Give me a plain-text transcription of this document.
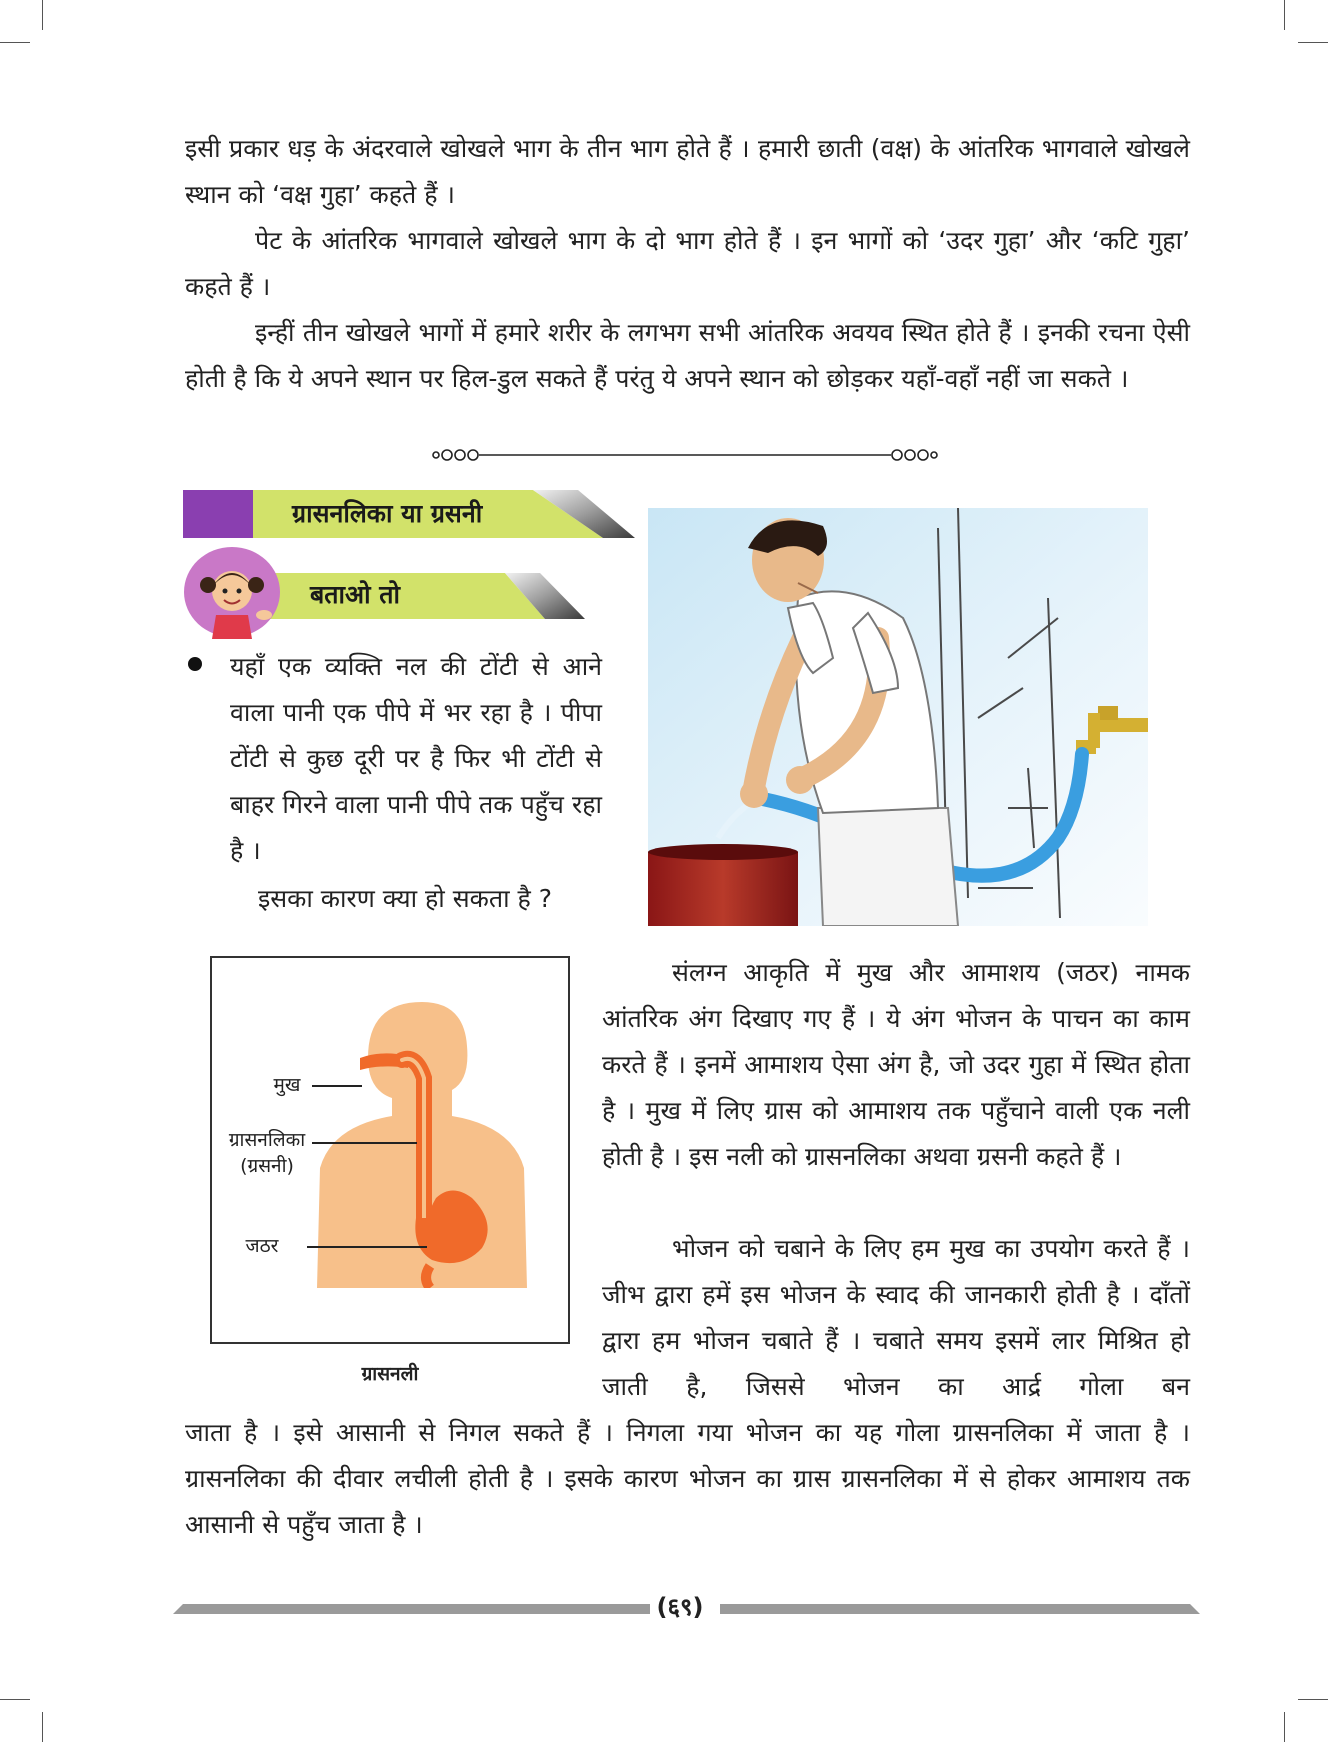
इसी प्रकार धड़ के अंदरवाले खोखले भाग के तीन भाग होते हैं । हमारी छाती (वक्ष) के आंतरिक भागवाले खोखले स्थान को ‘वक्ष गुहा’ कहते हैं ।

पेट के आंतरिक भागवाले खोखले भाग के दो भाग होते हैं । इन भागों को ‘उदर गुहा’ और ‘कटि गुहा’ कहते हैं ।

इन्हीं तीन खोखले भागों में हमारे शरीर के लगभग सभी आंतरिक अवयव स्थित होते हैं । इनकी रचना ऐसी होती है कि ये अपने स्थान पर हिल-डुल सकते हैं परंतु ये अपने स्थान को छोड़कर यहाँ-वहाँ नहीं जा सकते ।

ग्रासनलिका या ग्रसनी
बताओ तो

यहाँ एक व्यक्ति नल की टोंटी से आने वाला पानी एक पीपे में भर रहा है । पीपा टोंटी से कुछ दूरी पर है फिर भी टोंटी से बाहर गिरने वाला पानी पीपे तक पहुँच रहा है ।

इसका कारण क्या हो सकता है ?

मुख
ग्रासनलिका
(ग्रसनी)
जठर
ग्रासनली

संलग्न आकृति में मुख और आमाशय (जठर) नामक आंतरिक अंग दिखाए गए हैं । ये अंग भोजन के पाचन का काम करते हैं । इनमें आमाशय ऐसा अंग है, जो उदर गुहा में स्थित होता है । मुख में लिए ग्रास को आमाशय तक पहुँचाने वाली एक नली होती है । इस नली को ग्रासनलिका अथवा ग्रसनी कहते हैं ।

भोजन को चबाने के लिए हम मुख का उपयोग करते हैं । जीभ द्वारा हमें इस भोजन के स्वाद की जानकारी होती है । दाँतों द्वारा हम भोजन चबाते हैं । चबाते समय इसमें लार मिश्रित हो जाती है, जिससे भोजन का आर्द्र गोला बन

जाता है । इसे आसानी से निगल सकते हैं । निगला गया भोजन का यह गोला ग्रासनलिका में जाता है । ग्रासनलिका की दीवार लचीली होती है । इसके कारण भोजन का ग्रास ग्रासनलिका में से होकर आमाशय तक आसानी से पहुँच जाता है ।

(६९)
